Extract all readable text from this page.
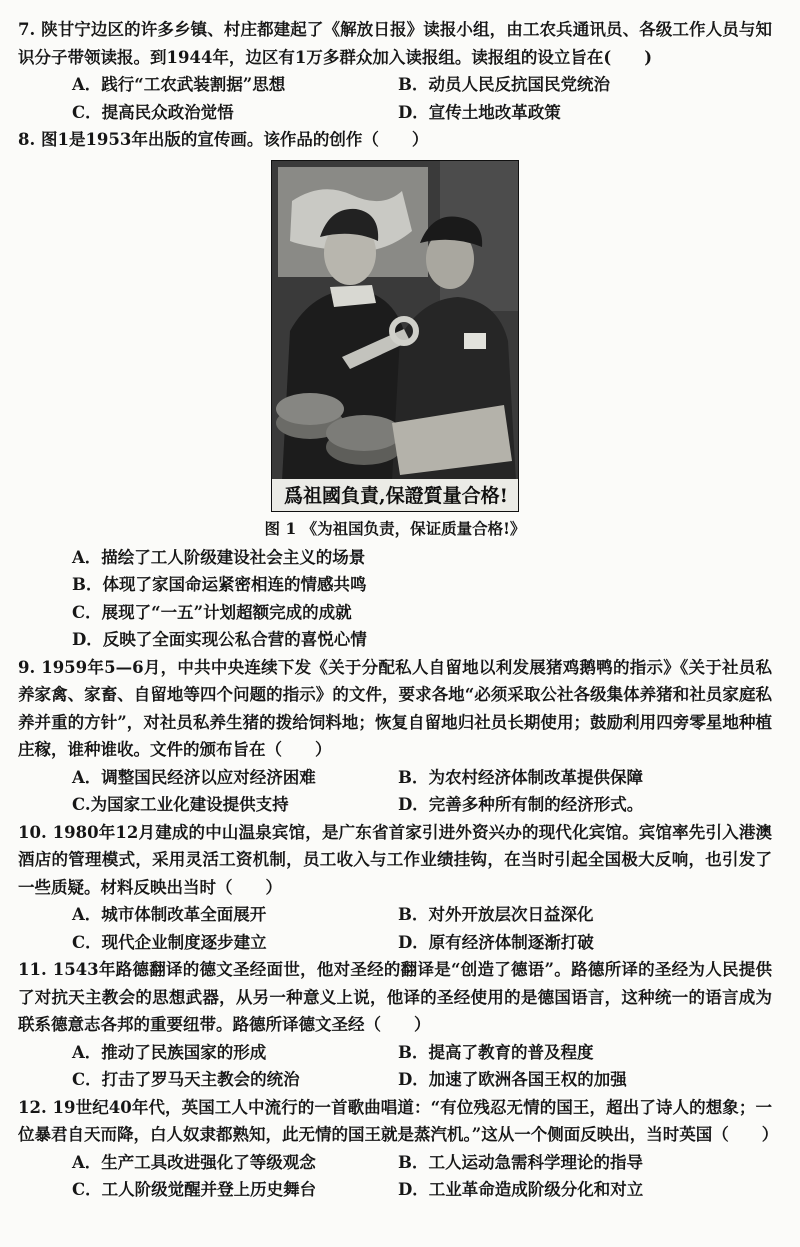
7. 陕甘宁边区的许多乡镇、村庄都建起了《解放日报》读报小组，由工农兵通讯员、各级工作人员与知识分子带领读报。到1944年，边区有1万多群众加入读报组。读报组的设立旨在(　　)

A．践行“工农武装割据”思想	B．动员人民反抗国民党统治
C．提高民众政治觉悟	D．宣传土地改革政策

8. 图1是1953年出版的宣传画。该作品的创作（　　）

爲祖國負責,保證質量合格!
图 1 《为祖国负责，保证质量合格!》
A．描绘了工人阶级建设社会主义的场景
B．体现了家国命运紧密相连的情感共鸣
C．展现了“一五”计划超额完成的成就
D．反映了全面实现公私合营的喜悦心情

9. 1959年5—6月，中共中央连续下发《关于分配私人自留地以利发展猪鸡鹅鸭的指示》《关于社员私养家禽、家畜、自留地等四个问题的指示》的文件，要求各地“必须采取公社各级集体养猪和社员家庭私养并重的方针”，对社员私养生猪的拨给饲料地；恢复自留地归社员长期使用；鼓励利用四旁零星地种植庄稼，谁种谁收。文件的颁布旨在（　　）

A．调整国民经济以应对经济困难	B．为农村经济体制改革提供保障
C.为国家工业化建设提供支持	D．完善多种所有制的经济形式。

10. 1980年12月建成的中山温泉宾馆，是广东省首家引进外资兴办的现代化宾馆。宾馆率先引入港澳酒店的管理模式，采用灵活工资机制，员工收入与工作业绩挂钩，在当时引起全国极大反响，也引发了一些质疑。材料反映出当时（　　）

A．城市体制改革全面展开	B．对外开放层次日益深化
C．现代企业制度逐步建立	D．原有经济体制逐渐打破

11. 1543年路德翻译的德文圣经面世，他对圣经的翻译是“创造了德语”。路德所译的圣经为人民提供了对抗天主教会的思想武器，从另一种意义上说，他译的圣经使用的是德国语言，这种统一的语言成为联系德意志各邦的重要纽带。路德所译德文圣经（　　）

A．推动了民族国家的形成	B．提高了教育的普及程度
C．打击了罗马天主教会的统治	D．加速了欧洲各国王权的加强

12. 19世纪40年代，英国工人中流行的一首歌曲唱道：“有位残忍无情的国王，超出了诗人的想象；一位暴君自天而降，白人奴隶都熟知，此无情的国王就是蒸汽机。”这从一个侧面反映出，当时英国（　　）

A．生产工具改进强化了等级观念	B．工人运动急需科学理论的指导
C．工人阶级觉醒并登上历史舞台	D．工业革命造成阶级分化和对立
